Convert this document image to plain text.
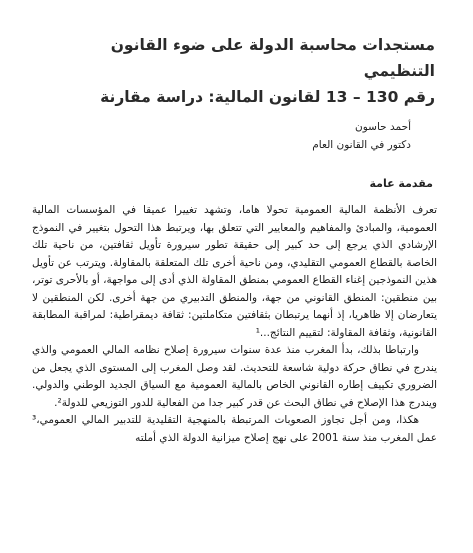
مستجدات محاسبة الدولة على ضوء القانون التنظيمي
رقم 130 – 13 لقانون المالية: دراسة مقارنة
أحمد حاسون
دكتور في القانون العام
مقدمة عامة

تعرف الأنظمة المالية العمومية تحولا هاما، وتشهد تغييرا عميقا في المؤسسات المالية العمومية، والمبادئ والمفاهيم والمعايير التي تتعلق بها، ويرتبط هذا التحول بتغيير في النموذج الإرشادي الذي يرجع إلى حد كبير إلى حقيقة تطور سيرورة تأويل ثقافتين، من ناحية تلك الخاصة بالقطاع العمومي التقليدي، ومن ناحية أخرى تلك المتعلقة بالمقاولة. ويترتب عن تأويل هذين النموذجين إغناء القطاع العمومي بمنطق المقاولة الذي أدى إلى مواجهة، أو بالأحرى توتر، بين منطقين: المنطق القانوني من جهة، والمنطق التدبيري من جهة أخرى. لكن المنطقين لا يتعارضان إلا ظاهريا، إذ أنهما يرتبطان بثقافتين متكاملتين: ثقافة ديمقراطية: لمراقبة المطابقة القانونية، وثقافة المقاولة: لتقييم النتائج...¹

وارتباطا بذلك، بدأ المغرب منذ عدة سنوات سيرورة إصلاح نظامه المالي العمومي والذي يندرج في نطاق حركة دولية شاسعة للتحديث. لقد وصل المغرب إلى المستوى الذي يجعل من الضروري تكييف إطاره القانوني الخاص بالمالية العمومية مع السياق الجديد الوطني والدولي. ويندرج هذا الإصلاح في نطاق البحث عن قدر كبير جدا من الفعالية للدور التوزيعي للدولة².

هكذا، ومن أجل تجاوز الصعوبات المرتبطة بالمنهجية التقليدية للتدبير المالي العمومي،³ عمل المغرب منذ سنة 2001 على نهج إصلاح ميزانية الدولة الذي أملته
